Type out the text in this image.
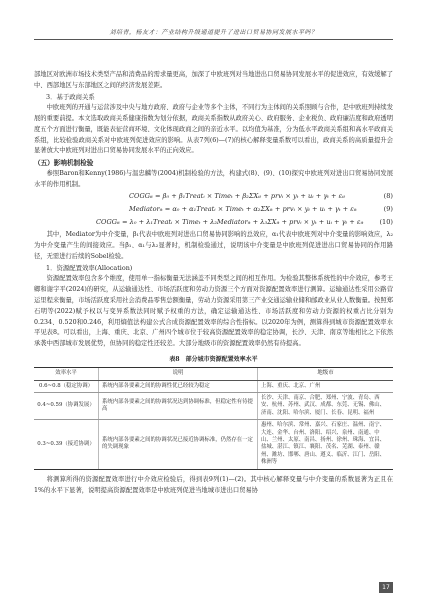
刘培青，杨友才：产业结构升级通道提升了进出口贸易协同发展水平吗？

部地区对欧洲市场技术类型产品和消费品的需求量更高，加深了中欧班列对当地进出口贸易协同发展水平的促进效应，有效缓解了中、西部地区与东部地区之间的经济发展差距。

3．基于政商关系

中欧班列的开通与运营涉及中央与地方政府、政府与企业等多个主体，不同行为主体间的关系照顾与合作，是中欧班列持续发展的重要前提。本文选取政商关系健康指数为划分依据，政商关系指数从政府关心、政府服务、企业税负、政府廉洁度和政府透明度五个方面进行衡量，既能表征营商环境、文化体现政商之间的亲近水平。以均值为基准，分为低水平政商关系组和高水平政商关系组，比较检验政商关系对中欧班列促进效应的影响。从表7列(6)—(7)的核心解释变量系数可以看出，政商关系的高质量提升会显著放大中欧班列对进出口贸易协同发展水平的正向效应。

（五）影响机制检验

参照Baron和Kenny(1986)与温忠麟等(2004)机制检验的方法，构建式(8)、(9)、(10)探究中欧班列对进出口贸易协同发展水平的作用机制。

COGGᵢₜ = β₀ + β₁Treatᵢ × Timeₜ + β₂ΣXᵢₜ + prvᵢ × yₜ + uᵢ + γₜ + εᵢₜ	(8)
Mediatorᵢₜ = α₀ + α₁Treatᵢ × Timeₜ + α₂ΣXᵢₜ + prvᵢ × yₜ + uᵢ + γₜ + εᵢₜ	(9)
COGGᵢₜ = λ₀ + λ₁Treatᵢ × Timeₜ + λ₂Mediatorᵢₜ + λ₃ΣXᵢₜ + prvᵢ × yₜ + uᵢ + γₜ + εᵢₜ (10)

其中，Mediator为中介变量，β₁代表中欧班列对进出口贸易协同影响的总效应，α₁代表中欧班列对中介变量的影响效应，λ₂为中介变量产生的间接效应。当β₁、α₁与λ₂显著时，机制检验通过，说明该中介变量是中欧班列促进进出口贸易协同的作用路径，无需进行后续的Sobel检验。

1．资源配置效率(Allocation)

资源配置效率包含多个维度，使用单一指标衡量无法涵盖不同类型之间的相互作用。为检验其整体系统性的中介效应，参考王卿和谢宇平(2024)的研究，从运输通达性、市场活跃度和劳动力资源三个方面对资源配置效率进行测算。运输通达性采用公路营运里程来衡量，市场活跃度采用社会消费品零售总额衡量，劳动力资源采用第三产业交通运输业储和邮政业从业人数衡量。按照郑石明等(2022)赋予权以与变异系数法同时赋予权重的方法，确定运输通达性、市场活跃度和劳动力资源的权重占比分别为0.234、0.520和0.246，利用熵值法构建公式合成资源配置效率的综合性指标。以2020年为例，测算得到城市资源配置效率水平见表8。可以看出，上海、重庆、北京、广州四个城市位于较高资源配置效率的稳定协调，长沙、天津、南京等地相比之下依然承袭中西部城市发展优势，但协同的稳定性还较差。大部分地级市的资源配置效率仍然有待提高。

表8　部分城市资源配置效率水平
效率水平	说明	地级市
0.6~0.8（稳定协调）	系统内部各要素之间的协调性优已经较为稳定	上海、重庆、北京、广州
0.4~0.59（协调发展）	系统内部各要素之间的协调状况达到协调标准，但稳定性有待提高	长沙、天津、南京、合肥、郑州、宁波、青岛、西安、杭州、苏州、武汉、成都、东莞、无锡、佛山、济南、沈阳、哈尔滨、厦门、长春、昆明、福州
0.3~0.39（接近协调）	系统内部各要素之间的协调状况已接近协调标准，仍然存在一定的失调现象	惠州、哈尔滨、常州、嘉兴、石家庄、温州、南宁、大连、金华、台州、洛阳、绍兴、泉州、南通、中山、兰州、太原、南昌、扬州、徐州、珠海、宜昌、盐城、湛江、镇江、襄阳、茂名、芜湖、泰州、赣州、潍坊、邯郸、唐山、遵义、临沂、江门、岳阳、株洲等

将测算所得的资源配置效率进行中介效应检验后，得到表9列(1)—(2)。其中核心解释变量与中介变量的系数显著为正且在1%的水平下显著，说明提高资源配置效率是中欧班列促进当地城市进出口贸易协

17
